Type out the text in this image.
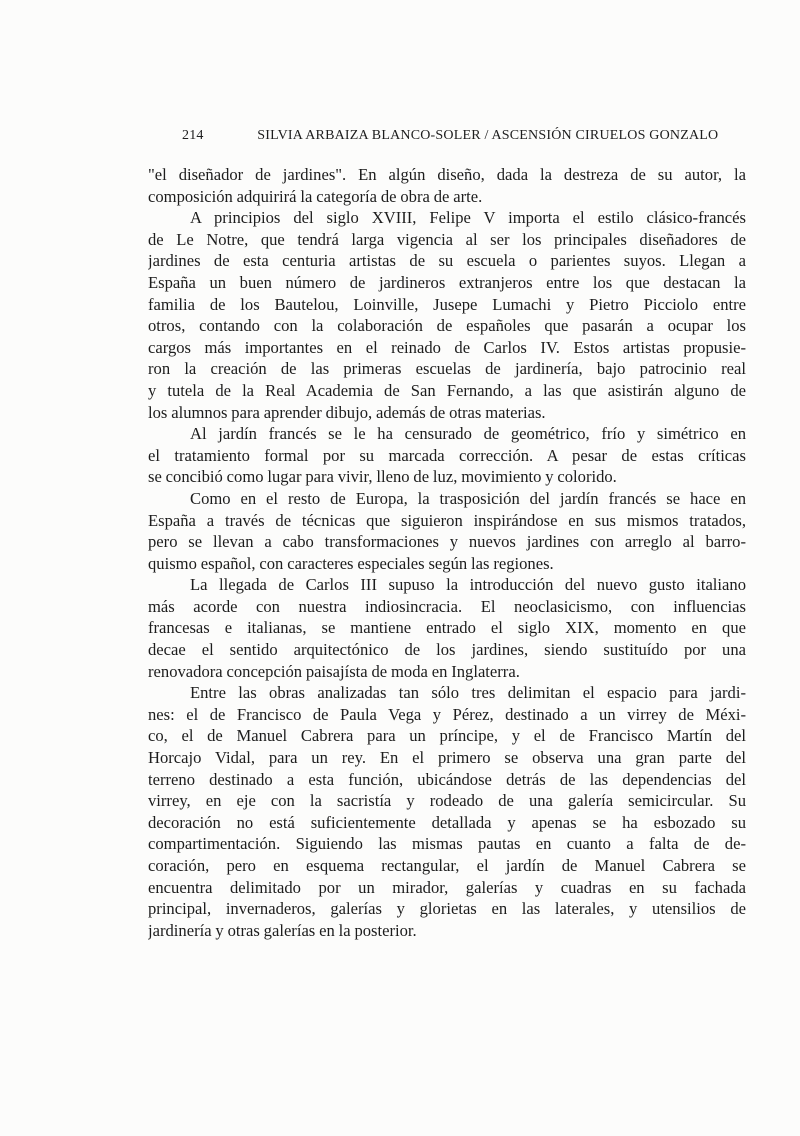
214	SILVIA ARBAIZA BLANCO-SOLER / ASCENSIÓN CIRUELOS GONZALO
"el diseñador de jardines". En algún diseño, dada la destreza de su autor, la
composición adquirirá la categoría de obra de arte.
A principios del siglo XVIII, Felipe V importa el estilo clásico-francés
de Le Notre, que tendrá larga vigencia al ser los principales diseñadores de
jardines de esta centuria artistas de su escuela o parientes suyos. Llegan a
España un buen número de jardineros extranjeros entre los que destacan la
familia de los Bautelou, Loinville, Jusepe Lumachi y Pietro Picciolo entre
otros, contando con la colaboración de españoles que pasarán a ocupar los
cargos más importantes en el reinado de Carlos IV. Estos artistas propusie-
ron la creación de las primeras escuelas de jardinería, bajo patrocinio real
y tutela de la Real Academia de San Fernando, a las que asistirán alguno de
los alumnos para aprender dibujo, además de otras materias.
Al jardín francés se le ha censurado de geométrico, frío y simétrico en
el tratamiento formal por su marcada corrección. A pesar de estas críticas
se concibió como lugar para vivir, lleno de luz, movimiento y colorido.
Como en el resto de Europa, la trasposición del jardín francés se hace en
España a través de técnicas que siguieron inspirándose en sus mismos tratados,
pero se llevan a cabo transformaciones y nuevos jardines con arreglo al barro-
quismo español, con caracteres especiales según las regiones.
La llegada de Carlos III supuso la introducción del nuevo gusto italiano
más acorde con nuestra indiosincracia. El neoclasicismo, con influencias
francesas e italianas, se mantiene entrado el siglo XIX, momento en que
decae el sentido arquitectónico de los jardines, siendo sustituído por una
renovadora concepción paisajísta de moda en Inglaterra.
Entre las obras analizadas tan sólo tres delimitan el espacio para jardi-
nes: el de Francisco de Paula Vega y Pérez, destinado a un virrey de Méxi-
co, el de Manuel Cabrera para un príncipe, y el de Francisco Martín del
Horcajo Vidal, para un rey. En el primero se observa una gran parte del
terreno destinado a esta función, ubicándose detrás de las dependencias del
virrey, en eje con la sacristía y rodeado de una galería semicircular. Su
decoración no está suficientemente detallada y apenas se ha esbozado su
compartimentación. Siguiendo las mismas pautas en cuanto a falta de de-
coración, pero en esquema rectangular, el jardín de Manuel Cabrera se
encuentra delimitado por un mirador, galerías y cuadras en su fachada
principal, invernaderos, galerías y glorietas en las laterales, y utensilios de
jardinería y otras galerías en la posterior.
